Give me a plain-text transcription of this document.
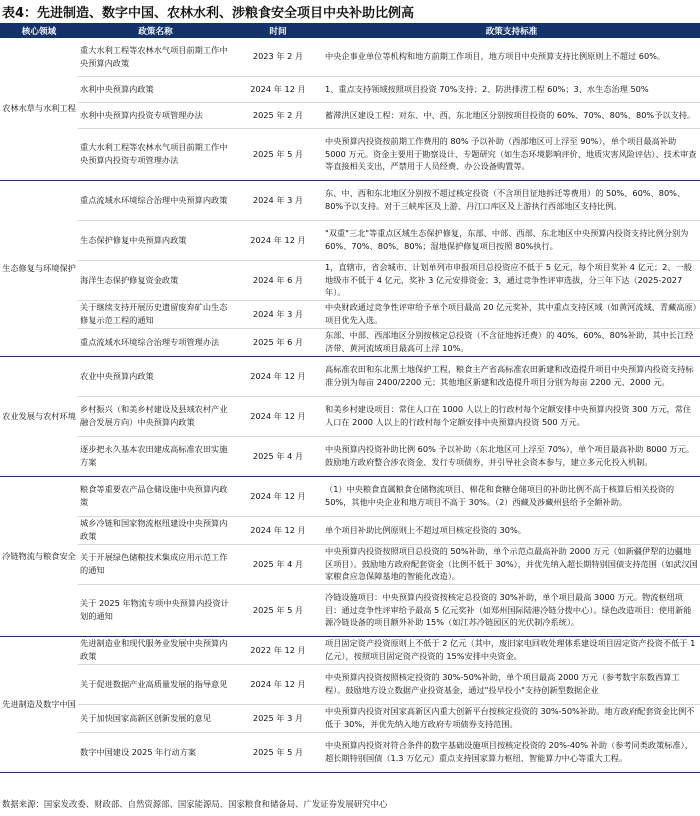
表4：先进制造、数字中国、农林水利、涉粮食安全项目中央补助比例高
核心领域	政策名称	时间	政策支持标准
农林水草与水利工程	重大水利工程等农林水气项目前期工作中央预算内政策	2023 年 2 月	中央企事业单位等机构和地方前期工作项目，地方项目中央预算支持比例原则上不超过 60%。
	水利中央预算内政策	2024 年 12 月	1、重点支持领域按照项目投资 70%支持；2、防洪排涝工程 60%；3、水生态治理 50%
	水利中央预算内投资专项管理办法	2025 年 2 月	蓄滞洪区建设工程：对东、中、西、东北地区分别按项目投资的 60%、70%、80%、80%予以支持。
	重大水利工程等农林水气项目前期工作中央预算内投资专项管理办法	2025 年 5 月	中央预算内投资按前期工作费用的 80% 予以补助（西部地区可上浮至 90%），单个项目最高补助 5000 万元。资金主要用于勘察设计、专题研究（如生态环境影响评价、地质灾害风险评估）、技术审查等直接相关支出，严禁用于人员经费、办公设备购置等。
生态修复与环境保护	重点流域水环境综合治理中央预算内政策	2024 年 3 月	东、中、西和东北地区分别按不超过核定投资（不含项目征地拆迁等费用）的 50%、60%、80%、80%予以支持。对于三峡库区及上游、丹江口库区及上游执行西部地区支持比例。
	生态保护修复中央预算内政策	2024 年 12 月	"双重"三北"等重点区域生态保护修复，东部、中部、西部、东北地区中央预算内投资支持比例分别为 60%、70%、80%、80%；湿地保护修复项目按照 80%执行。
	海洋生态保护修复资金政策	2024 年 6 月	1，直辖市，省会城市、计划单列市申报项目总投资应不低于 5 亿元，每个项目奖补 4 亿元；2、一般地级市不低于 4 亿元，奖补 3 亿元安排资金；3，通过竞争性评审选拔，分三年下达（2025-2027 年）。
	关于继续支持开展历史遗留废弃矿山生态修复示范工程的通知	2024 年 3 月	中央财政通过竞争性评审给予单个项目最高 20 亿元奖补，其中重点支持区域（如黄河流域、青藏高原）项目优先入选。
	重点流域水环境综合治理专项管理办法	2025 年 6 月	东部、中部、西部地区分别按核定总投资（不含征地拆迁费）的 40%、60%、80%补助，其中长江经济带、黄河流域项目最高可上浮 10%。
农业发展与农村环境	农业中央预算内政策	2024 年 12 月	高标准农田和东北黑土地保护工程，粮食主产省高标准农田新建和改造提升项目中央预算内投资支持标准分别为每亩 2400/2200 元；其他地区新建和改造提升项目分别为每亩 2200 元、2000 元。
	乡村振兴（和美乡村建设及县域农村产业融合发展方向）中央预算内政策	2024 年 12 月	和美乡村建设项目：常住人口在 1000 人以上的行政村每个定额安排中央预算内投资 300 万元，常住人口在 2000 人以上的行政村每个定额安排中央预算内投资 500 万元。
	逐步把永久基本农田建成高标准农田实施方案	2025 年 4 月	中央预算内投资补助比例 60% 予以补助（东北地区可上浮至 70%），单个项目最高补助 8000 万元。鼓励地方政府整合涉农资金、发行专项债券，并引导社会资本参与，建立多元化投入机制。
冷链物流与粮食安全	粮食等重要农产品仓储设施中央预算内政策	2024 年 12 月	（1）中央粮食直属粮食仓储物流项目、棉花和食糖仓储项目的补助比例不高于核算后相关投资的 50%，其他中央企业和地方项目不高于 30%。（2）西藏及涉藏州县给予全额补助。
	城乡冷链和国家物流枢纽建设中央预算内政策	2024 年 12 月	单个项目补助比例原则上不超过项目核定投资的 30%。
	关于开展绿色储粮技术集成应用示范工作的通知	2025 年 4 月	中央预算内投资按照项目总投资的 50%补助，单个示范点最高补助 2000 万元（如新疆伊犁的边疆地区项目）。鼓励地方政府配套资金（比例不低于 30%），并优先纳入超长期特别国债支持范围（如武汉国家粮食应急保障基地的智能化改造）。
	关于 2025 年物流专项中央预算内投资计划的通知	2025 年 5 月	冷链设施项目：中央预算内投资按核定总投资的 30%补助，单个项目最高 3000 万元。物流枢纽项目：通过竞争性评审给予最高 5 亿元奖补（如郑州国际陆港冷链分拨中心）。绿色改造项目：使用新能源冷链设备的项目额外补助 15%（如江苏冷链园区的光伏制冷系统）。
先进制造及数字中国	先进制造业和现代服务业发展中央预算内政策	2022 年 12 月	项目固定资产投资原则上不低于 2 亿元（其中，废旧家电回收处理体系建设项目固定资产投资不低于 1 亿元），按照项目固定资产投资的 15%安排中央资金。
	关于促进数据产业高质量发展的指导意见	2024 年 12 月	中央预算内投资按照核定投资的 30%-50%补助，单个项目最高 2000 万元（参考数字东数西算工程）。鼓励地方设立数据产业投资基金，通过"投早投小"支持创新型数据企业
	关于加快国家高新区创新发展的意见	2025 年 3 月	中央预算内投资对国家高新区内重大创新平台按核定投资的 30%-50%补助。地方政府配套资金比例不低于 30%，并优先纳入地方政府专项债券支持范围。
	数字中国建设 2025 年行动方案	2025 年 5 月	中央预算内投资对符合条件的数字基础设施项目按核定投资的 20%-40% 补助（参考同类政策标准），超长期特别国债（1.3 万亿元）重点支持国家算力枢纽、智能算力中心等重大工程。
数据来源：国家发改委、财政部、自然资源部、国家能源局、国家粮食和储备局、广发证券发展研究中心
